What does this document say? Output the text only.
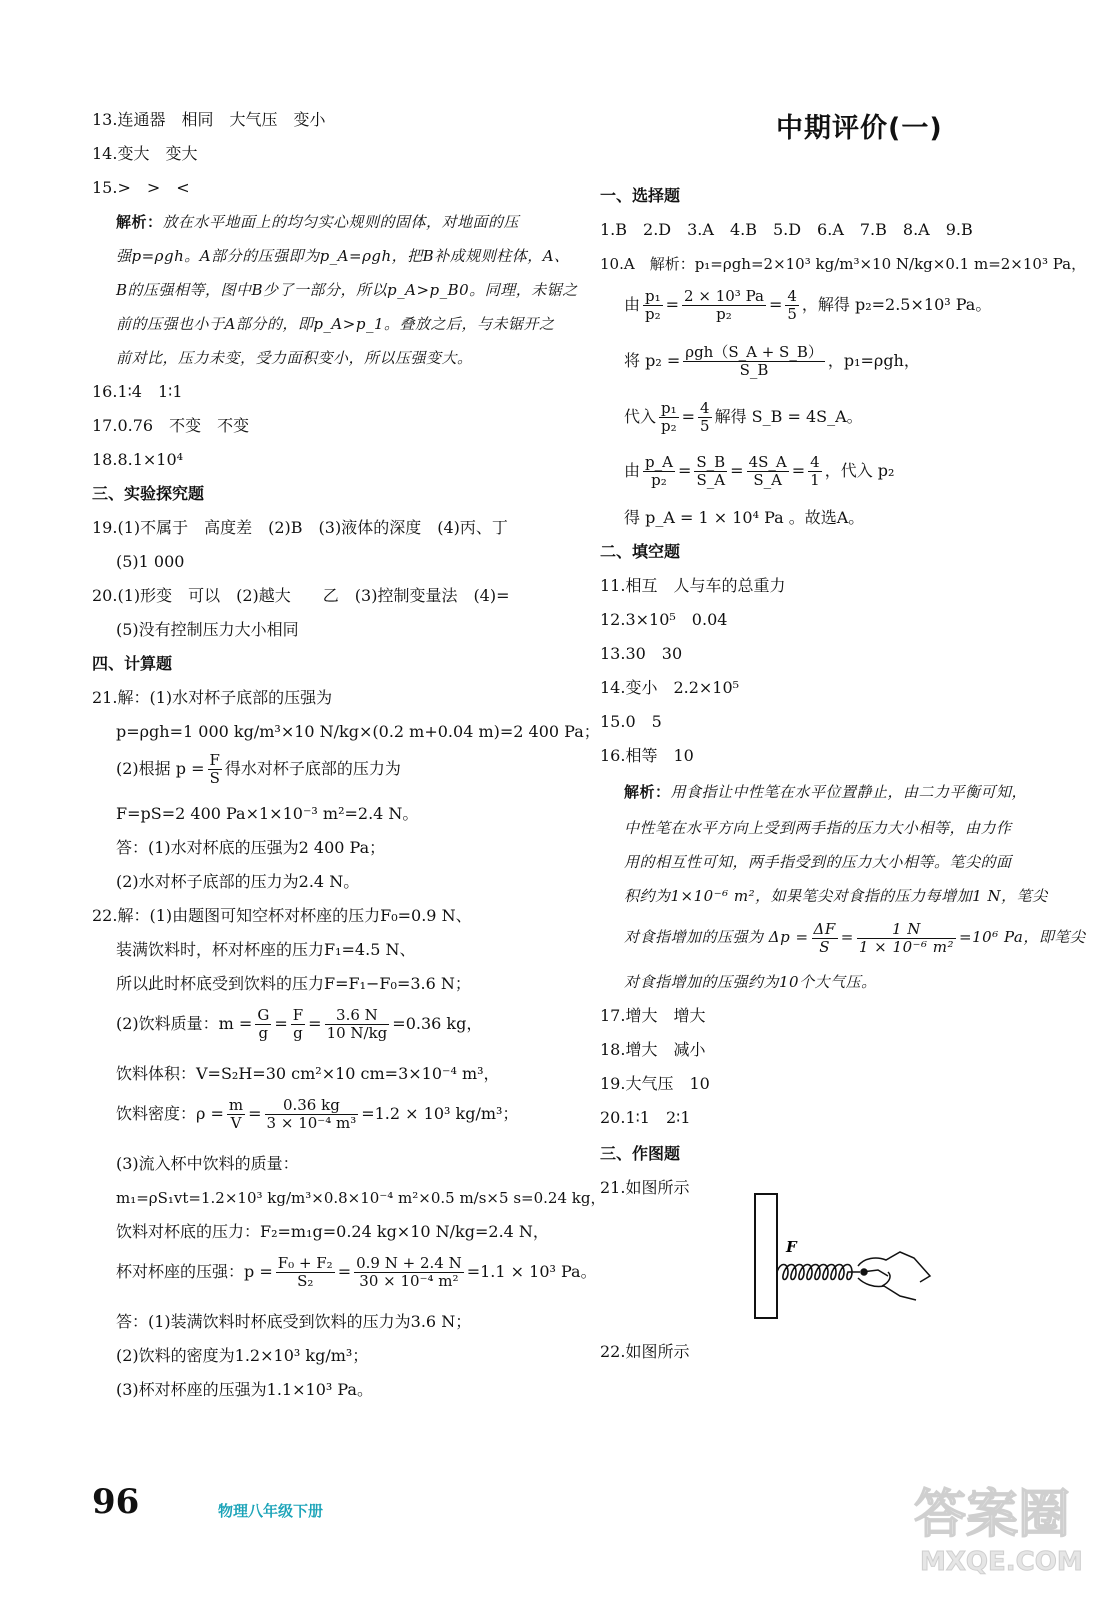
13.连通器　相同　大气压　变小
14.变大　变大
15.>　>　<
解析：放在水平地面上的均匀实心规则的固体，对地面的压
强p=ρgh。A部分的压强即为p_A=ρgh，把B补成规则柱体，A、
B的压强相等，图中B少了一部分，所以p_A>p_B0。同理，未锯之
前的压强也小于A部分的，即p_A>p_1。叠放之后，与未锯开之
前对比，压力未变，受力面积变小，所以压强变大。
16.1∶4　1∶1
17.0.76　不变　不变
18.8.1×10⁴
三、实验探究题
19.(1)不属于　高度差　(2)B　(3)液体的深度　(4)丙、丁
(5)1 000
20.(1)形变　可以　(2)越大　　乙　(3)控制变量法　(4)=
(5)没有控制压力大小相同
四、计算题
21.解：(1)水对杯子底部的压强为
p=ρgh=1 000 kg/m³×10 N/kg×(0.2 m+0.04 m)=2 400 Pa；
(2)根据 $p = \frac{F}{S}$ 得水对杯子底部的压力为
F=pS=2 400 Pa×1×10⁻³ m²=2.4 N。
答：(1)水对杯底的压强为2 400 Pa；
(2)水对杯子底部的压力为2.4 N。
22.解：(1)由题图可知空杯对杯座的压力F₀=0.9 N、
装满饮料时，杯对杯座的压力F₁=4.5 N、
所以此时杯底受到饮料的压力F=F₁−F₀=3.6 N；
(2)饮料质量：$m = \frac{G}{g} = \frac{F}{g} = \frac{3.6 N}{10 N/kg} =0.36$ kg，
饮料体积：V=S₂H=30 cm²×10 cm=3×10⁻⁴ m³，
饮料密度：$\rho = \frac{m}{V} = \frac{0.36 kg}{\text{3 × 10⁻⁴ m³}} =1.2 \times 10^3$ kg/m³；
(3)流入杯中饮料的质量：
m₁=ρS₁vt=1.2×10³ kg/m³×0.8×10⁻⁴ m²×0.5 m/s×5 s=0.24 kg，
饮料对杯底的压力：F₂=m₁g=0.24 kg×10 N/kg=2.4 N，
杯对杯座的压强：$p = \frac{\text{F₀ + F₂}}{\text{S₂}} = \frac{0.9 N + 2.4 N}{\text{30 × 10⁻⁴ m²}} =1.1 \times 10^3$ Pa。
答：(1)装满饮料时杯底受到饮料的压力为3.6 N；
(2)饮料的密度为1.2×10³ kg/m³；
(3)杯对杯座的压强为1.1×10³ Pa。
中期评价(一)
一、选择题
1.B　2.D　3.A　4.B　5.D　6.A　7.B　8.A　9.B
10.A　解析：p₁=ρgh=2×10³ kg/m³×10 N/kg×0.1 m=2×10³ Pa，
由 $\frac{\text{p₁}}{\text{p₂}} = \frac{\text{2 × 10³ Pa}}{\text{p₂}} = \frac{4}{5}$ ，解得 p₂=2.5×10³ Pa。
将 $p_2 = \frac{\text{ρgh（S\_A + S\_B）}}{S\_B}$ ，p₁=ρgh，
代入 $\frac{\text{p₁}}{\text{p₂}} = \frac{4}{5}$ 解得 S_B = 4S_A。
由 $\frac{p\_A}{\text{p₂}} = \frac{S\_B}{S\_A} = \frac{4S\_A}{S\_A} = \frac{4}{1}$ ，代入 p₂
得 p_A = 1 × 10⁴ Pa 。故选A。
二、填空题
11.相互　人与车的总重力
12.3×10⁵　0.04
13.30　30
14.变小　2.2×10⁵
15.0　5
16.相等　10
解析：用食指让中性笔在水平位置静止，由二力平衡可知，
中性笔在水平方向上受到两手指的压力大小相等，由力作
用的相互性可知，两手指受到的压力大小相等。笔尖的面
积约为1×10⁻⁶ m²，如果笔尖对食指的压力每增加1 N，笔尖
对食指增加的压强为 $\Delta p = \frac{\Delta F}{S} = \frac{1 N}{\text{1 × 10⁻⁶ m²}} =10^6$ Pa，即笔尖
对食指增加的压强约为10个大气压。
17.增大　增大
18.增大　减小
19.大气压　10
20.1∶1　2∶1
三、作图题
21.如图所示
22.如图所示
F
96	物理八年级下册	答案圈
MXQE.COM
